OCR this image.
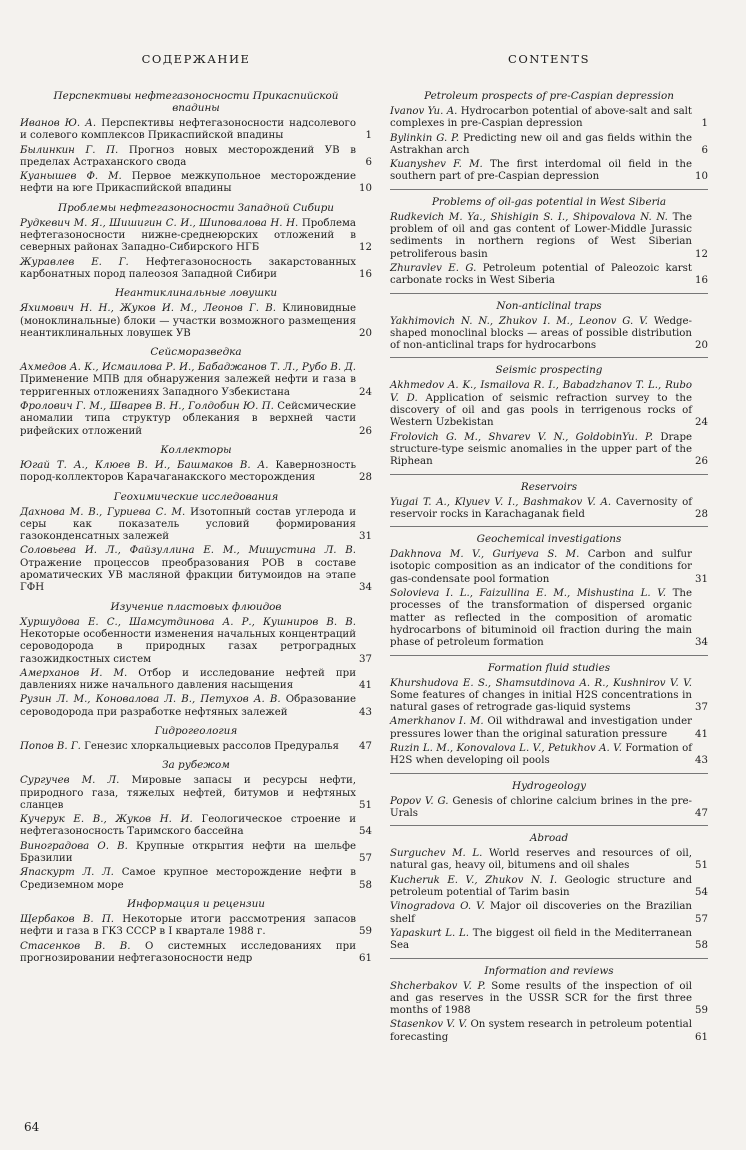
СОДЕРЖАНИЕ
Перспективы нефтегазоносности Прикаспийской впадины
Иванов Ю. А. Перспективы нефтегазоносности надсолевого и солевого комплексов Прикаспийской впадины	1
Былинкин Г. П. Прогноз новых месторождений УВ в пределах Астраханского свода	6
Куанышев Ф. М. Первое межкупольное месторождение нефти на юге Прикаспийской впадины	10
Проблемы нефтегазоносности Западной Сибири
Рудкевич М. Я., Шишигин С. И., Шиповалова Н. Н. Проблема нефтегазоносности нижне-среднеюрских отложений в северных районах Западно-Сибирского НГБ	12
Журавлев Е. Г. Нефтегазоносность закарстованных карбонатных пород палеозоя Западной Сибири	16
Неантиклинальные ловушки
Яхимович Н. Н., Жуков И. М., Леонов Г. В. Клиновидные (моноклинальные) блоки — участки возможного размещения неантиклинальных ловушек УВ	20
Сейсморазведка
Ахмедов А. К., Исмаилова Р. И., Бабаджанов Т. Л., Рубо В. Д. Применение МПВ для обнаружения залежей нефти и газа в терригенных отложениях Западного Узбекистана	24
Фролович Г. М., Шварев В. Н., Голдобин Ю. П. Сейсмические аномалии типа структур облекания в верхней части рифейских отложений	26
Коллекторы
Югай Т. А., Клюев В. И., Башмаков В. А. Кавернозность пород-коллекторов Карачаганакского месторождения	28
Геохимические исследования
Дахнова М. В., Гуриева С. М. Изотопный состав углерода и серы как показатель условий формирования газоконденсатных залежей	31
Соловьева И. Л., Файзуллина Е. М., Мишустина Л. В. Отражение процессов преобразования РОВ в составе ароматических УВ масляной фракции битумоидов на этапе ГФН	34
Изучение пластовых флюидов
Хуршудова Е. С., Шамсутдинова А. Р., Кушниров В. В. Некоторые особенности изменения начальных концентраций сероводорода в природных газах ретроградных газожидкостных систем	37
Амерханов И. М. Отбор и исследование нефтей при давлениях ниже начального давления насыщения	41
Рузин Л. М., Коновалова Л. В., Петухов А. В. Образование сероводорода при разработке нефтяных залежей	43
Гидрогеология
Попов В. Г. Генезис хлоркальциевых рассолов Предуралья 47
За рубежом
Сургучев М. Л. Мировые запасы и ресурсы нефти, природного газа, тяжелых нефтей, битумов и нефтяных сланцев	51
Кучерук Е. В., Жуков Н. И. Геологическое строение и нефтегазоносность Таримского бассейна	54
Виноградова О. В. Крупные открытия нефти на шельфе Бразилии	57
Япаскурт Л. Л. Самое крупное месторождение нефти в Средиземном море	58
Информация и рецензии
Щербаков В. П. Некоторые итоги рассмотрения запасов нефти и газа в ГКЗ СССР в I квартале 1988 г.	59
Стасенков В. В. О системных исследованиях при прогнозировании нефтегазоносности недр	61
CONTENTS
Petroleum prospects of pre-Caspian depression
Ivanov Yu. A. Hydrocarbon potential of above-salt and salt complexes in pre-Caspian depression	1
Bylinkin G. P. Predicting new oil and gas fields within the Astrakhan arch	6
Kuanyshev F. M. The first interdomal oil field in the southern part of pre-Caspian depression	10
Problems of oil-gas potential in West Siberia
Rudkevich M. Ya., Shishigin S. I., Shipovalova N. N. The problem of oil and gas content of Lower-Middle Jurassic sediments in northern regions of West Siberian petroliferous basin	12
Zhuravlev E. G. Petroleum potential of Paleozoic karst carbonate rocks in West Siberia	16
Non-anticlinal traps
Yakhimovich N. N., Zhukov I. M., Leonov G. V. Wedge-shaped monoclinal blocks — areas of possible distribution of non-anticlinal traps for hydrocarbons	20
Seismic prospecting
Akhmedov A. K., Ismailova R. I., Babadzhanov T. L., Rubo V. D. Application of seismic refraction survey to the discovery of oil and gas pools in terrigenous rocks of Western Uzbekistan	24
Frolovich G. M., Shvarev V. N., GoldobinYu. P. Drape structure-type seismic anomalies in the upper part of the Riphean	26
Reservoirs
Yugai T. A., Klyuev V. I., Bashmakov V. A. Cavernosity of reservoir rocks in Karachaganak field	28
Geochemical investigations
Dakhnova M. V., Guriyeva S. M. Carbon and sulfur isotopic composition as an indicator of the conditions for gas-condensate pool formation	31
Solovieva I. L., Faizullina E. M., Mishustina L. V. The processes of the transformation of dispersed organic matter as reflected in the composition of aromatic hydrocarbons of bituminoid oil fraction during the main phase of petroleum formation	34
Formation fluid studies
Khurshudova E. S., Shamsutdinova A. R., Kushnirov V. V. Some features of changes in initial H2S concentrations in natural gases of retrograde gas-liquid systems	37
Amerkhanov I. M. Oil withdrawal and investigation under pressures lower than the original saturation pressure	41
Ruzin L. M., Konovalova L. V., Petukhov A. V. Formation of H2S when developing oil pools	43
Hydrogeology
Popov V. G. Genesis of chlorine calcium brines in the pre-Urals	47
Abroad
Surguchev M. L. World reserves and resources of oil, natural gas, heavy oil, bitumens and oil shales	51
Kucheruk E. V., Zhukov N. I. Geologic structure and petroleum potential of Tarim basin	54
Vinogradova O. V. Major oil discoveries on the Brazilian shelf	57
Yapaskurt L. L. The biggest oil field in the Mediterranean Sea	58
Information and reviews
Shcherbakov V. P. Some results of the inspection of oil and gas reserves in the USSR SCR for the first three months of 1988	59
Stasenkov V. V. On system research in petroleum potential forecasting	61
64
